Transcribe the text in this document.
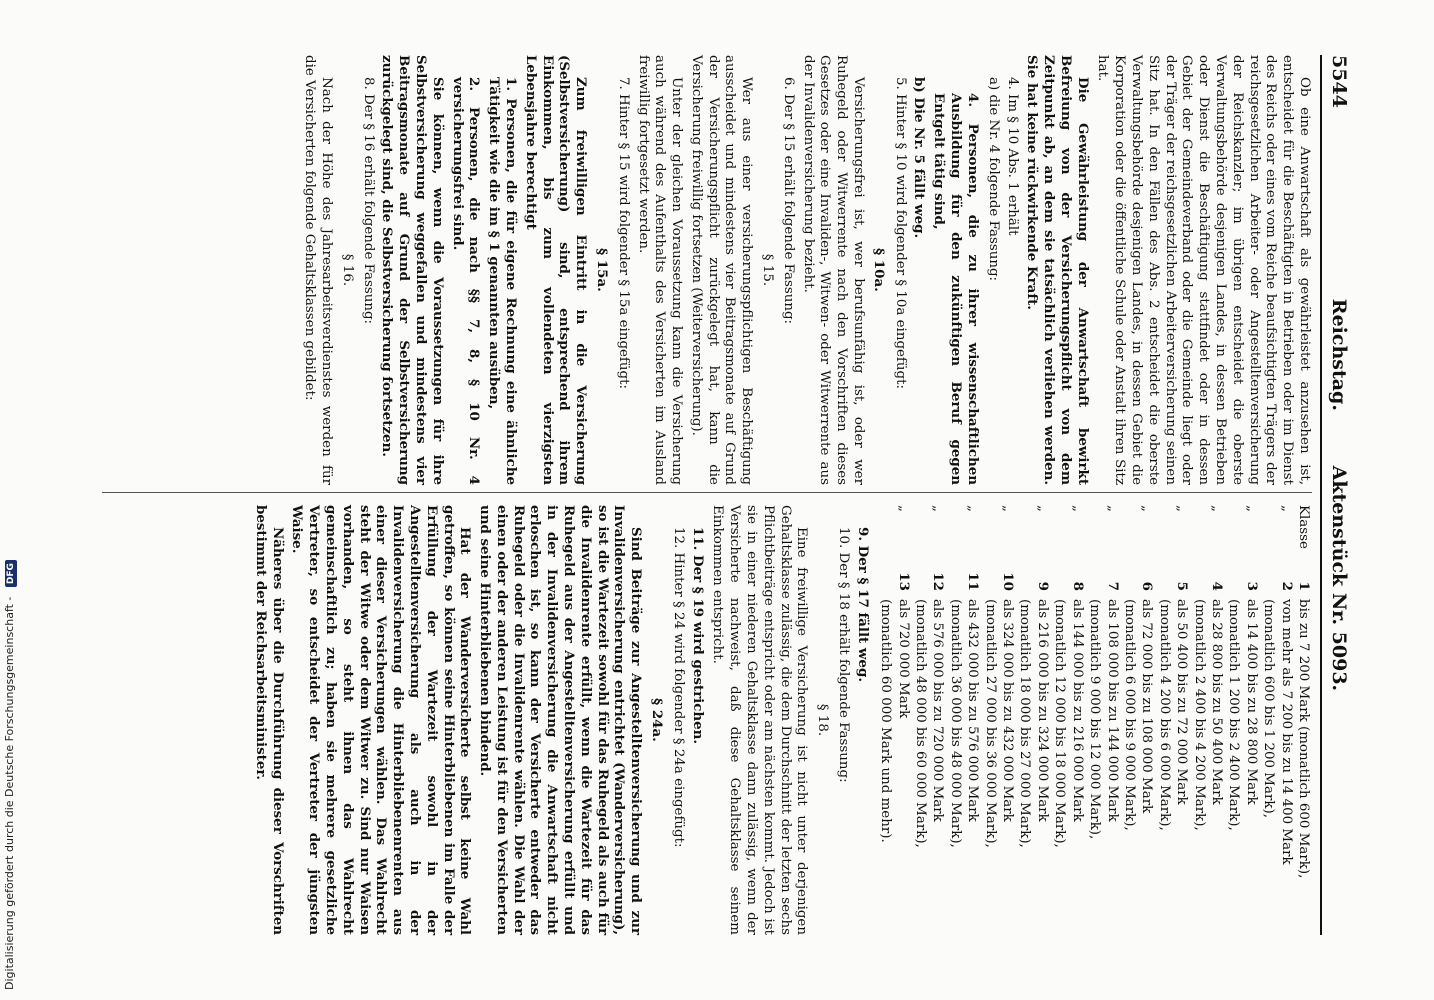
5544
Reichstag. Aktenstück Nr. 5093.

Ob eine Anwartschaft als gewährleistet anzusehen ist, entscheidet für die Beschäftigten in Betrieben oder im Dienst des Reichs oder eines vom Reiche beaufsichtigten Trägers der reichsgesetzlichen Arbeiter- oder Angestelltenversicherung der Reichskanzler; im übrigen entscheidet die oberste Verwaltungsbehörde desjenigen Landes, in dessen Betrieben oder Dienst die Beschäftigung stattfindet oder in dessen Gebiet der Gemeindeverband oder die Gemeinde liegt oder der Träger der reichsgesetzlichen Arbeiterversicherung seinen Sitz hat. In den Fällen des Abs. 2 entscheidet die oberste Verwaltungsbehörde desjenigen Landes, in dessen Gebiet die Korporation oder die öffentliche Schule oder Anstalt ihren Sitz hat.

Die Gewährleistung der Anwartschaft bewirkt Befreiung von der Versicherungspflicht von dem Zeitpunkt ab, an dem sie tatsächlich verliehen werden. Sie hat keine rückwirkende Kraft.

4. Im § 10 Abs. 1 erhält

a) die Nr. 4 folgende Fassung:

4. Personen, die zu ihrer wissenschaftlichen Ausbildung für den zukünftigen Beruf gegen Entgelt tätig sind,

b) Die Nr. 5 fällt weg.

5. Hinter § 10 wird folgender § 10a eingefügt:

§ 10a.

Versicherungsfrei ist, wer berufsunfähig ist, oder wer Ruhegeld oder Witwerrente nach den Vorschriften dieses Gesetzes oder eine Invaliden-, Witwen- oder Witwerrente aus der Invalidenversicherung bezieht.

6. Der § 15 erhält folgende Fassung:

§ 15.

Wer aus einer versicherungspflichtigen Beschäftigung ausscheidet und mindestens vier Beitragsmonate auf Grund der Versicherungspflicht zurückgelegt hat, kann die Versicherung freiwillig fortsetzen (Weiterversicherung).

Unter der gleichen Voraussetzung kann die Versicherung auch während des Aufenthalts des Versicherten im Ausland freiwillig fortgesetzt werden.

7. Hinter § 15 wird folgender § 15a eingefügt:

§ 15a.

Zum freiwilligen Eintritt in die Versicherung (Selbstversicherung) sind, entsprechend ihrem Einkommen, bis zum vollendeten vierzigsten Lebensjahre berechtigt

1. Personen, die für eigene Rechnung eine ähnliche Tätigkeit wie die im § 1 genannten ausüben,

2. Personen, die nach §§ 7, 8, § 10 Nr. 4 versicherungsfrei sind.

Sie können, wenn die Voraussetzungen für ihre Selbstversicherung weggefallen und mindestens vier Beitragsmonate auf Grund der Selbstversicherung zurückgelegt sind, die Selbstversicherung fortsetzen.

8. Der § 16 erhält folgende Fassung:

§ 16.

Nach der Höhe des Jahresarbeitsverdienstes werden für die Versicherten folgende Gehaltsklassen gebildet:

Klasse
1
bis zu 7 200 Mark (monatlich 600 Mark),
„
2
von mehr als 7 200 bis zu 14 400 Mark
(monatlich 600 bis 1 200 Mark),
„
3
als 14 400 bis zu 28 800 Mark
(monatlich 1 200 bis 2 400 Mark),
„
4
als 28 800 bis zu 50 400 Mark
(monatlich 2 400 bis 4 200 Mark),
„
5
als 50 400 bis zu 72 000 Mark
(monatlich 4 200 bis 6 000 Mark),
„
6
als 72 000 bis zu 108 000 Mark
(monatlich 6 000 bis 9 000 Mark),
„
7
als 108 000 bis zu 144 000 Mark
(monatlich 9 000 bis 12 000 Mark),
„
8
als 144 000 bis zu 216 000 Mark
(monatlich 12 000 bis 18 000 Mark),
„
9
als 216 000 bis zu 324 000 Mark
(monatlich 18 000 bis 27 000 Mark),
„
10
als 324 000 bis zu 432 000 Mark
(monatlich 27 000 bis 36 000 Mark),
„
11
als 432 000 bis zu 576 000 Mark
(monatlich 36 000 bis 48 000 Mark),
„
12
als 576 000 bis zu 720 000 Mark
(monatlich 48 000 bis 60 000 Mark),
„
13
als 720 000 Mark
(monatlich 60 000 Mark und mehr).

9. Der § 17 fällt weg.

10. Der § 18 erhält folgende Fassung:

§ 18.

Eine freiwillige Versicherung ist nicht unter derjenigen Gehaltsklasse zulässig, die dem Durchschnitt der letzten sechs Pflichtbeiträge entspricht oder am nächsten kommt. Jedoch ist sie in einer niederen Gehaltsklasse dann zulässig, wenn der Versicherte nachweist, daß diese Gehaltsklasse seinem Einkommen entspricht.

11. Der § 19 wird gestrichen.

12. Hinter § 24 wird folgender § 24a eingefügt:

§ 24a.

Sind Beiträge zur Angestelltenversicherung und zur Invalidenversicherung entrichtet (Wanderversicherung), so ist die Wartezeit sowohl für das Ruhegeld als auch für die Invalidenrente erfüllt, wenn die Wartezeit für das Ruhegeld aus der Angestelltenversicherung erfüllt und in der Invalidenversicherung die Anwartschaft nicht erloschen ist, so kann der Versicherte entweder das Ruhegeld oder die Invalidenrente wählen. Die Wahl der einen oder der anderen Leistung ist für den Versicherten und seine Hinterbliebenen bindend.

Hat der Wanderversicherte selbst keine Wahl getroffen, so können seine Hinterbliebenen im Falle der Erfüllung der Wartezeit sowohl in der Angestelltenversicherung als auch in der Invalidenversicherung die Hinterbliebenenrenten aus einer dieser Versicherungen wählen. Das Wahlrecht steht der Witwe oder dem Witwer zu. Sind nur Waisen vorhanden, so steht ihnen das Wahlrecht gemeinschaftlich zu; haben sie mehrere gesetzliche Vertreter, so entscheidet der Vertreter der jüngsten Waise.

Näheres über die Durchführung dieser Vorschriften bestimmt der Reichsarbeitsminister.

Digitalisierung gefördert durch die Deutsche Forschungsgemeinschaft - DFG
